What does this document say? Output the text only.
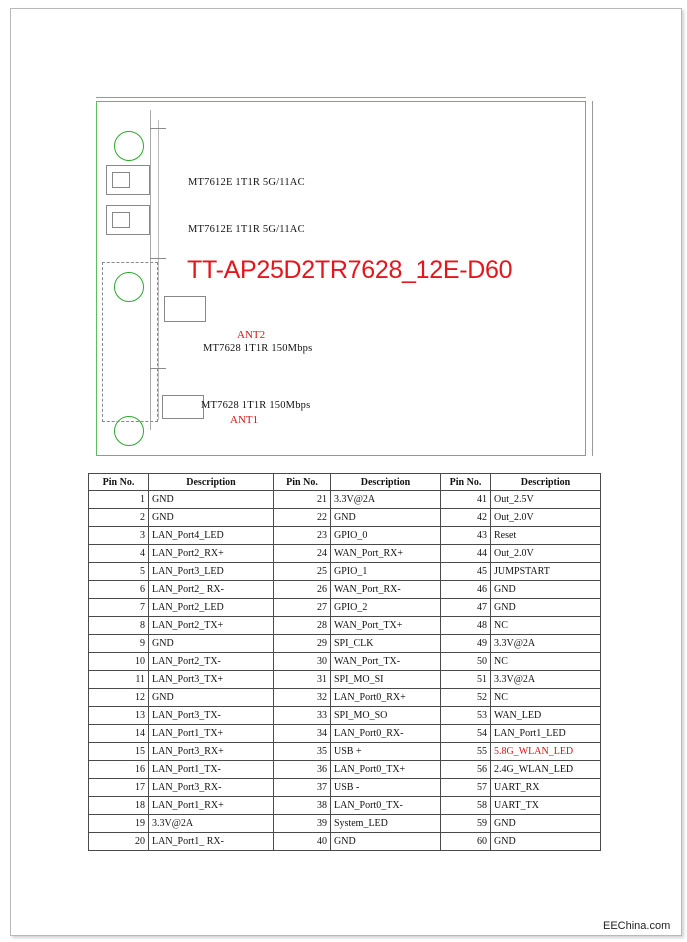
MT7612E 1T1R 5G/11AC
MT7612E 1T1R 5G/11AC
TT-AP25D2TR7628_12E-D60
ANT2
MT7628 1T1R 150Mbps
MT7628 1T1R 150Mbps
ANT1
Pin No.	Description	Pin No.	Description	Pin No.	Description
1	GND	21	3.3V@2A	41	Out_2.5V
2	GND	22	GND	42	Out_2.0V
3	LAN_Port4_LED	23	GPIO_0	43	Reset
4	LAN_Port2_RX+	24	WAN_Port_RX+	44	Out_2.0V
5	LAN_Port3_LED	25	GPIO_1	45	JUMPSTART
6	LAN_Port2_ RX-	26	WAN_Port_RX-	46	GND
7	LAN_Port2_LED	27	GPIO_2	47	GND
8	LAN_Port2_TX+	28	WAN_Port_TX+	48	NC
9	GND	29	SPI_CLK	49	3.3V@2A
10	LAN_Port2_TX-	30	WAN_Port_TX-	50	NC
11	LAN_Port3_TX+	31	SPI_MO_SI	51	3.3V@2A
12	GND	32	LAN_Port0_RX+	52	NC
13	LAN_Port3_TX-	33	SPI_MO_SO	53	WAN_LED
14	LAN_Port1_TX+	34	LAN_Port0_RX-	54	LAN_Port1_LED
15	LAN_Port3_RX+	35	USB +	55	5.8G_WLAN_LED
16	LAN_Port1_TX-	36	LAN_Port0_TX+	56	2.4G_WLAN_LED
17	LAN_Port3_RX-	37	USB -	57	UART_RX
18	LAN_Port1_RX+	38	LAN_Port0_TX-	58	UART_TX
19	3.3V@2A	39	System_LED	59	GND
20	LAN_Port1_ RX-	40	GND	60	GND
EEChina.com
